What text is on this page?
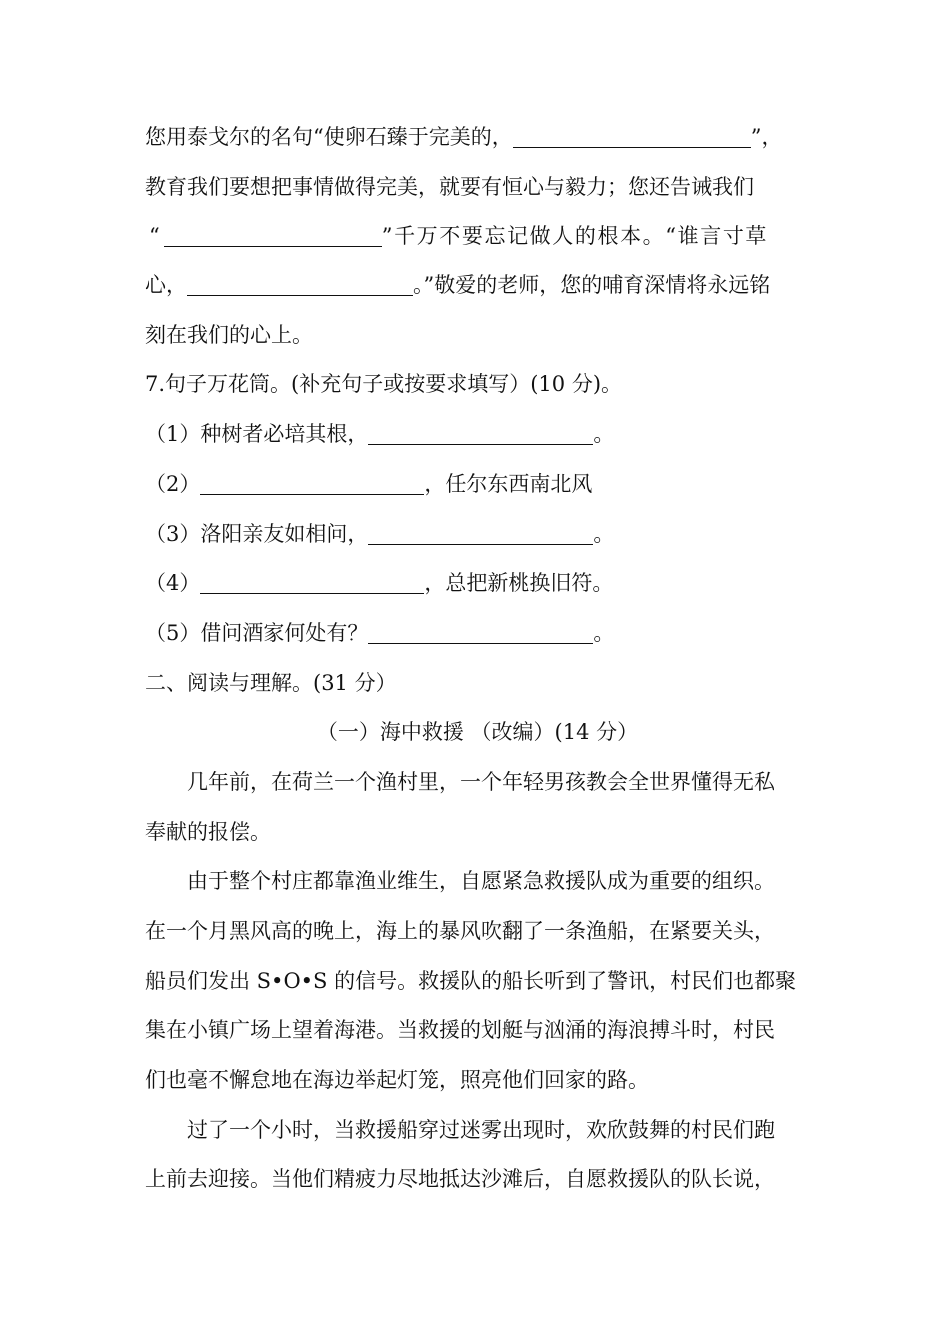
您用泰戈尔的名句“使卵石臻于完美的，	”，
教育我们要想把事情做得完美，就要有恒心与毅力；您还告诫我们
“	”千万不要忘记做人的根本。“谁言寸草
心，	。”敬爱的老师，您的哺育深情将永远铭
刻在我们的心上。
7.句子万花筒。(补充句子或按要求填写）(10 分)。
（1）种树者必培其根，	。
（2）	，任尔东西南北风
（3）洛阳亲友如相问，	。
（4）	，总把新桃换旧符。
（5）借问酒家何处有？	。
二、阅读与理解。(31 分）
（一）海中救援 （改编）(14 分）
几年前，在荷兰一个渔村里，一个年轻男孩教会全世界懂得无私
奉献的报偿。
由于整个村庄都靠渔业维生，自愿紧急救援队成为重要的组织。
在一个月黑风高的晚上，海上的暴风吹翻了一条渔船，在紧要关头，
船员们发出 S•O•S 的信号。救援队的船长听到了警讯，村民们也都聚
集在小镇广场上望着海港。当救援的划艇与汹涌的海浪搏斗时，村民
们也毫不懈怠地在海边举起灯笼，照亮他们回家的路。
过了一个小时，当救援船穿过迷雾出现时，欢欣鼓舞的村民们跑
上前去迎接。当他们精疲力尽地抵达沙滩后，自愿救援队的队长说，
